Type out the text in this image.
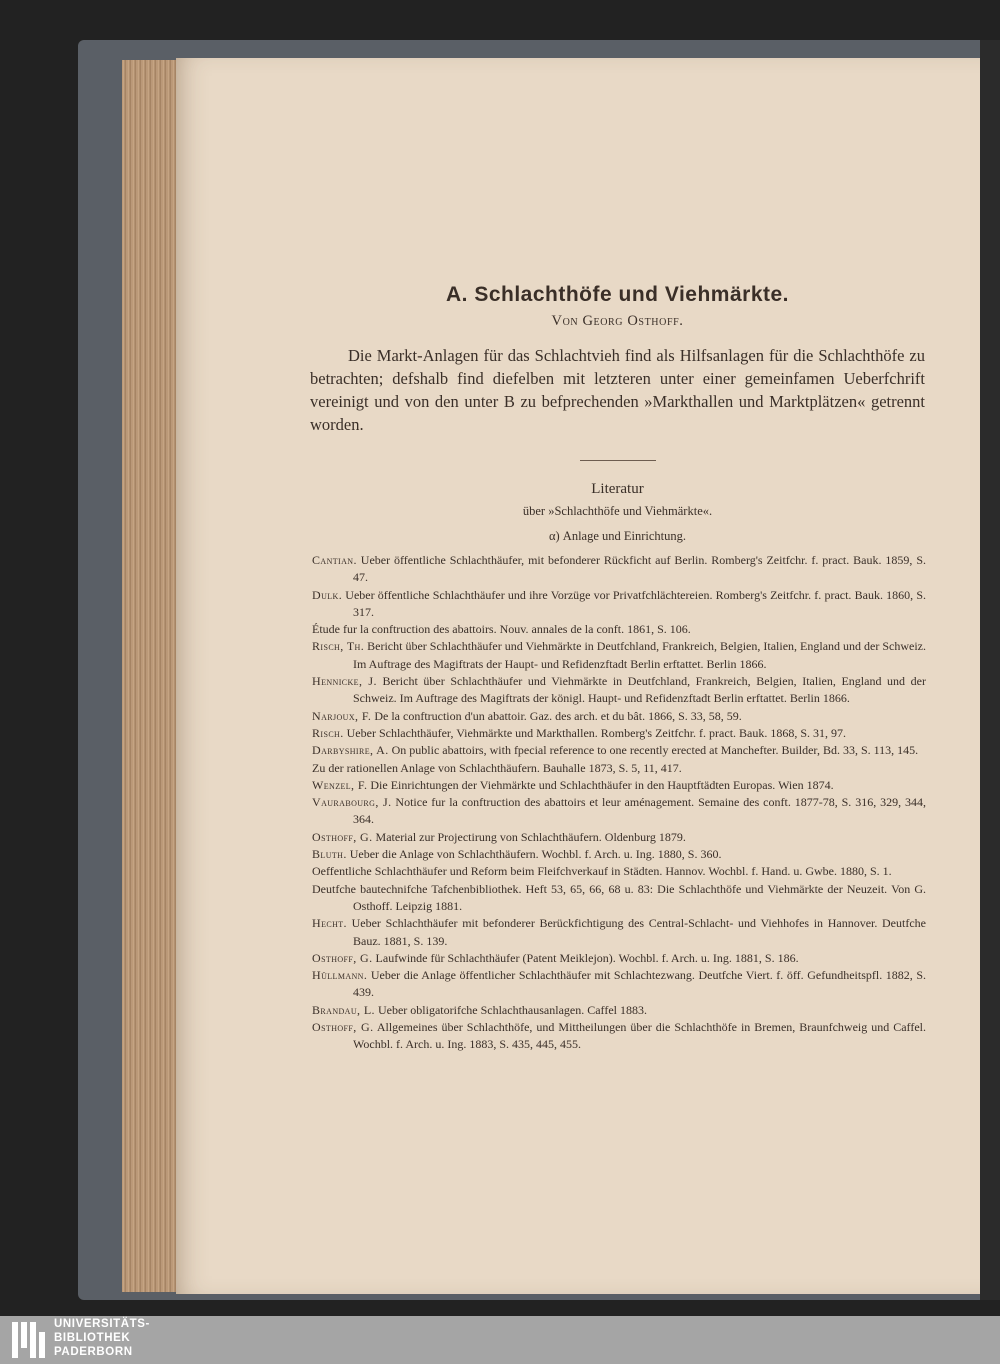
A. Schlachthöfe und Viehmärkte.

Von Georg Osthoff.

Die Markt-Anlagen für das Schlachtvieh find als Hilfsanlagen für die Schlachthöfe zu betrachten; defshalb find diefelben mit letzteren unter einer gemeinfamen Ueberfchrift vereinigt und von den unter B zu befprechenden »Markthallen und Marktplätzen« getrennt worden.

Literatur

über »Schlachthöfe und Viehmärkte«.

α) Anlage und Einrichtung.

Cantian. Ueber öffentliche Schlachthäufer, mit befonderer Rückficht auf Berlin. Romberg's Zeitfchr. f. pract. Bauk. 1859, S. 47.

Dulk. Ueber öffentliche Schlachthäufer und ihre Vorzüge vor Privatfchlächtereien. Romberg's Zeitfchr. f. pract. Bauk. 1860, S. 317.

Étude fur la conftruction des abattoirs. Nouv. annales de la conft. 1861, S. 106.

Risch, Th. Bericht über Schlachthäufer und Viehmärkte in Deutfchland, Frankreich, Belgien, Italien, England und der Schweiz. Im Auftrage des Magiftrats der Haupt- und Refidenzftadt Berlin erftattet. Berlin 1866.

Hennicke, J. Bericht über Schlachthäufer und Viehmärkte in Deutfchland, Frankreich, Belgien, Italien, England und der Schweiz. Im Auftrage des Magiftrats der königl. Haupt- und Refidenzftadt Berlin erftattet. Berlin 1866.

Narjoux, F. De la conftruction d'un abattoir. Gaz. des arch. et du bât. 1866, S. 33, 58, 59.

Risch. Ueber Schlachthäufer, Viehmärkte und Markthallen. Romberg's Zeitfchr. f. pract. Bauk. 1868, S. 31, 97.

Darbyshire, A. On public abattoirs, with fpecial reference to one recently erected at Manchefter. Builder, Bd. 33, S. 113, 145.

Zu der rationellen Anlage von Schlachthäufern. Bauhalle 1873, S. 5, 11, 417.

Wenzel, F. Die Einrichtungen der Viehmärkte und Schlachthäufer in den Hauptftädten Europas. Wien 1874.

Vaurabourg, J. Notice fur la conftruction des abattoirs et leur aménagement. Semaine des conft. 1877-78, S. 316, 329, 344, 364.

Osthoff, G. Material zur Projectirung von Schlachthäufern. Oldenburg 1879.

Bluth. Ueber die Anlage von Schlachthäufern. Wochbl. f. Arch. u. Ing. 1880, S. 360.

Oeffentliche Schlachthäufer und Reform beim Fleifchverkauf in Städten. Hannov. Wochbl. f. Hand. u. Gwbe. 1880, S. 1.

Deutfche bautechnifche Tafchenbibliothek. Heft 53, 65, 66, 68 u. 83: Die Schlachthöfe und Viehmärkte der Neuzeit. Von G. Osthoff. Leipzig 1881.

Hecht. Ueber Schlachthäufer mit befonderer Berückfichtigung des Central-Schlacht- und Viehhofes in Hannover. Deutfche Bauz. 1881, S. 139.

Osthoff, G. Laufwinde für Schlachthäufer (Patent Meiklejon). Wochbl. f. Arch. u. Ing. 1881, S. 186.

Hüllmann. Ueber die Anlage öffentlicher Schlachthäufer mit Schlachtezwang. Deutfche Viert. f. öff. Gefundheitspfl. 1882, S. 439.

Brandau, L. Ueber obligatorifche Schlachthausanlagen. Caffel 1883.

Osthoff, G. Allgemeines über Schlachthöfe, und Mittheilungen über die Schlachthöfe in Bremen, Braunfchweig und Caffel. Wochbl. f. Arch. u. Ing. 1883, S. 435, 445, 455.

UNIVERSITÄTS-
BIBLIOTHEK
PADERBORN
